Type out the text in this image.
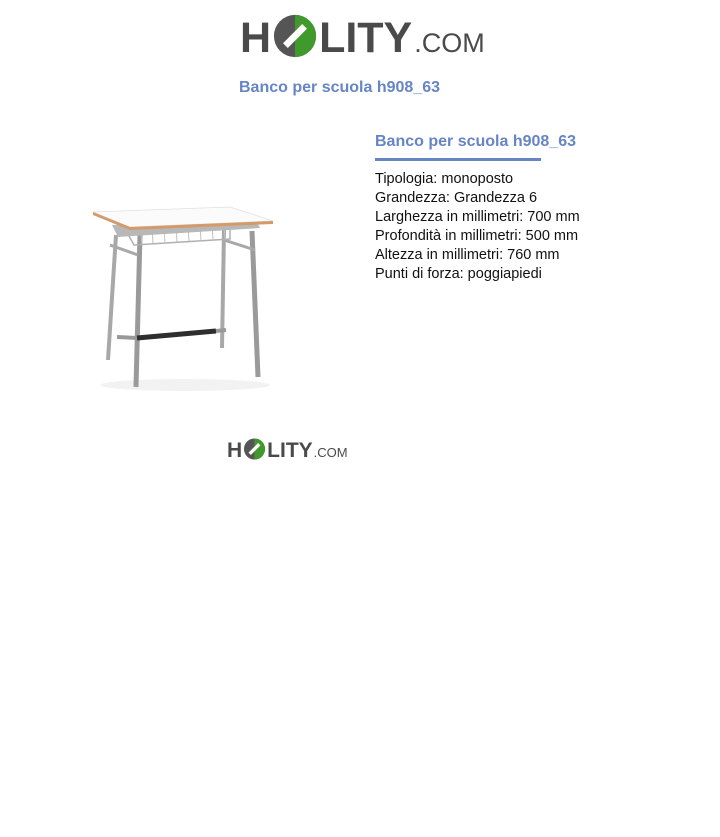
H LITY .COM
Banco per scuola h908_63
Banco per scuola h908_63
Tipologia: monoposto
Grandezza: Grandezza 6
Larghezza in millimetri: 700 mm
Profondità in millimetri: 500 mm
Altezza in millimetri: 760 mm
Punti di forza: poggiapiedi
H LITY .COM
